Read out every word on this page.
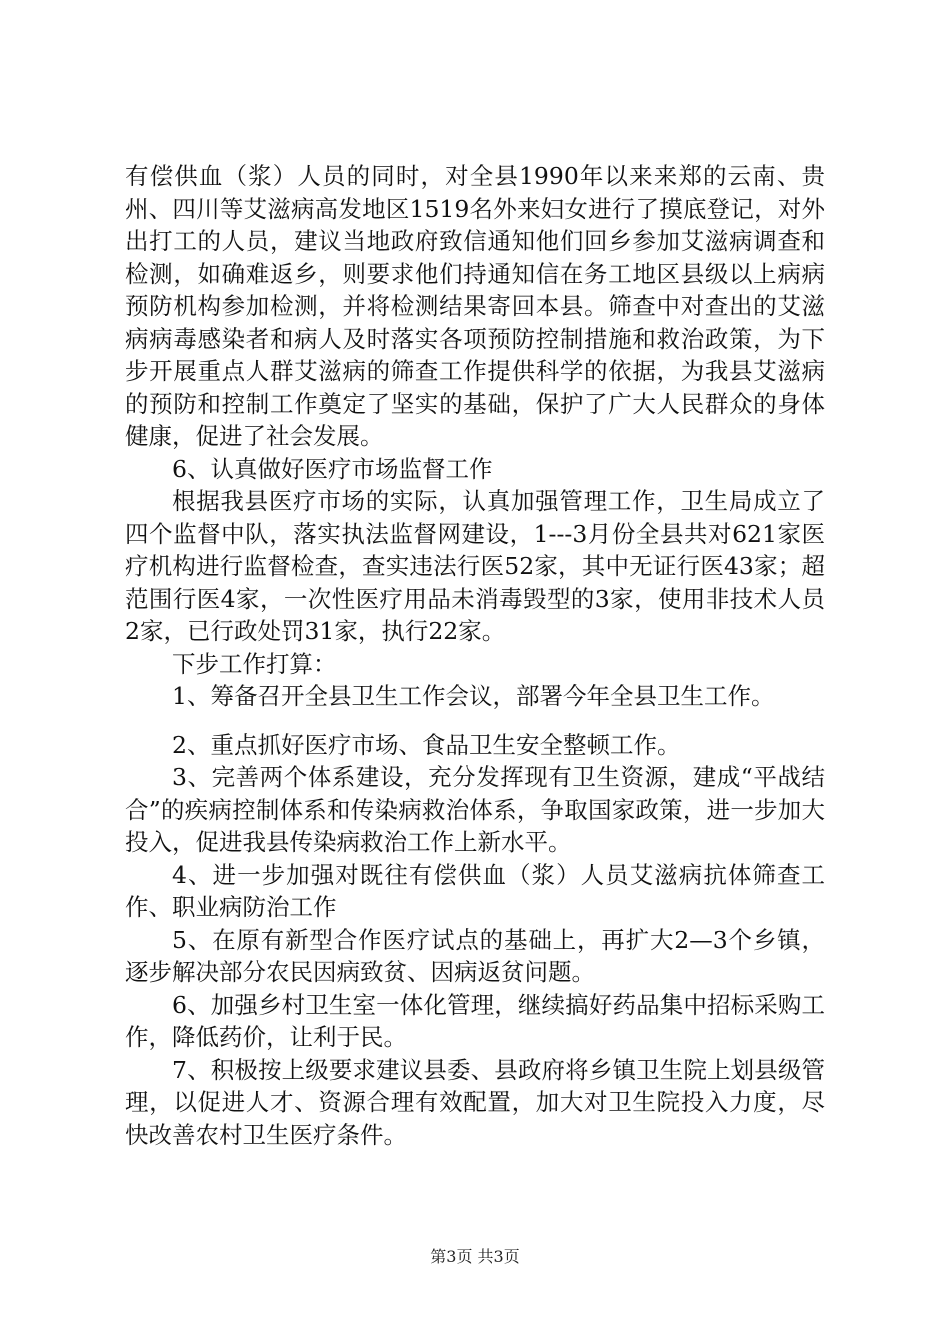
有偿供血（浆）人员的同时，对全县1990年以来来郑的云南、贵州、四川等艾滋病高发地区1519名外来妇女进行了摸底登记，对外出打工的人员，建议当地政府致信通知他们回乡参加艾滋病调查和检测，如确难返乡，则要求他们持通知信在务工地区县级以上病病预防机构参加检测，并将检测结果寄回本县。筛查中对查出的艾滋病病毒感染者和病人及时落实各项预防控制措施和救治政策，为下步开展重点人群艾滋病的筛查工作提供科学的依据，为我县艾滋病的预防和控制工作奠定了坚实的基础，保护了广大人民群众的身体健康，促进了社会发展。

6、认真做好医疗市场监督工作

根据我县医疗市场的实际，认真加强管理工作，卫生局成立了四个监督中队，落实执法监督网建设，1---3月份全县共对621家医疗机构进行监督检查，查实违法行医52家，其中无证行医43家；超范围行医4家，一次性医疗用品未消毒毁型的3家，使用非技术人员2家，已行政处罚31家，执行22家。

下步工作打算：

1、筹备召开全县卫生工作会议，部署今年全县卫生工作。

2、重点抓好医疗市场、食品卫生安全整顿工作。

3、完善两个体系建设，充分发挥现有卫生资源，建成“平战结合”的疾病控制体系和传染病救治体系，争取国家政策，进一步加大投入，促进我县传染病救治工作上新水平。

4、进一步加强对既往有偿供血（浆）人员艾滋病抗体筛查工作、职业病防治工作

5、在原有新型合作医疗试点的基础上，再扩大2—3个乡镇，逐步解决部分农民因病致贫、因病返贫问题。

6、加强乡村卫生室一体化管理，继续搞好药品集中招标采购工作，降低药价，让利于民。

7、积极按上级要求建议县委、县政府将乡镇卫生院上划县级管理，以促进人才、资源合理有效配置，加大对卫生院投入力度，尽快改善农村卫生医疗条件。

第3页 共3页
